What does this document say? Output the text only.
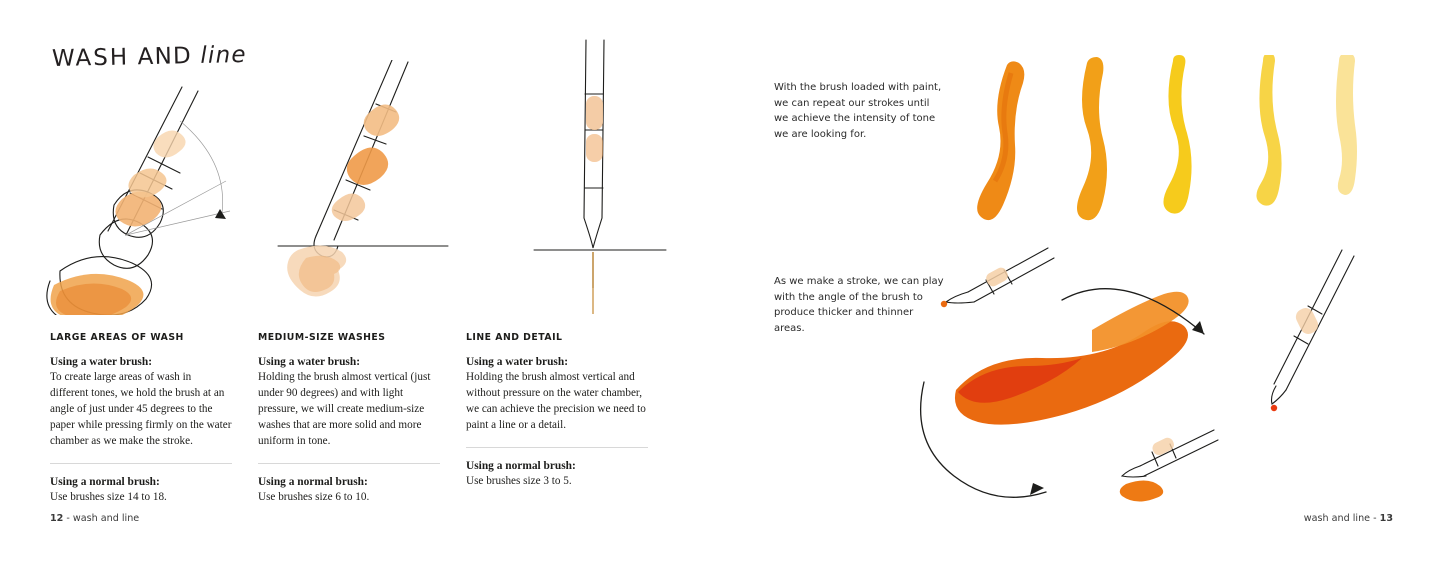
WASH AND line
LARGE AREAS OF WASH

Using a water brush:

To create large areas of wash in different tones, we hold the brush at an angle of just under 45 degrees to the paper while pressing firmly on the water chamber as we make the stroke.

Using a normal brush:

Use brushes size 14 to 18.

MEDIUM-SIZE WASHES

Using a water brush:

Holding the brush almost vertical (just under 90 degrees) and with light pressure, we will create medium-size washes that are more solid and more uniform in tone.

Using a normal brush:

Use brushes size 6 to 10.

LINE AND DETAIL

Using a water brush:

Holding the brush almost vertical and without pressure on the water chamber, we can achieve the precision we need to paint a line or a detail.

Using a normal brush:

Use brushes size 3 to 5.

12 - wash and line
With the brush loaded with paint, we can repeat our strokes until we achieve the intensity of tone we are looking for.
As we make a stroke, we can play with the angle of the brush to produce thicker and thinner areas.
wash and line - 13
